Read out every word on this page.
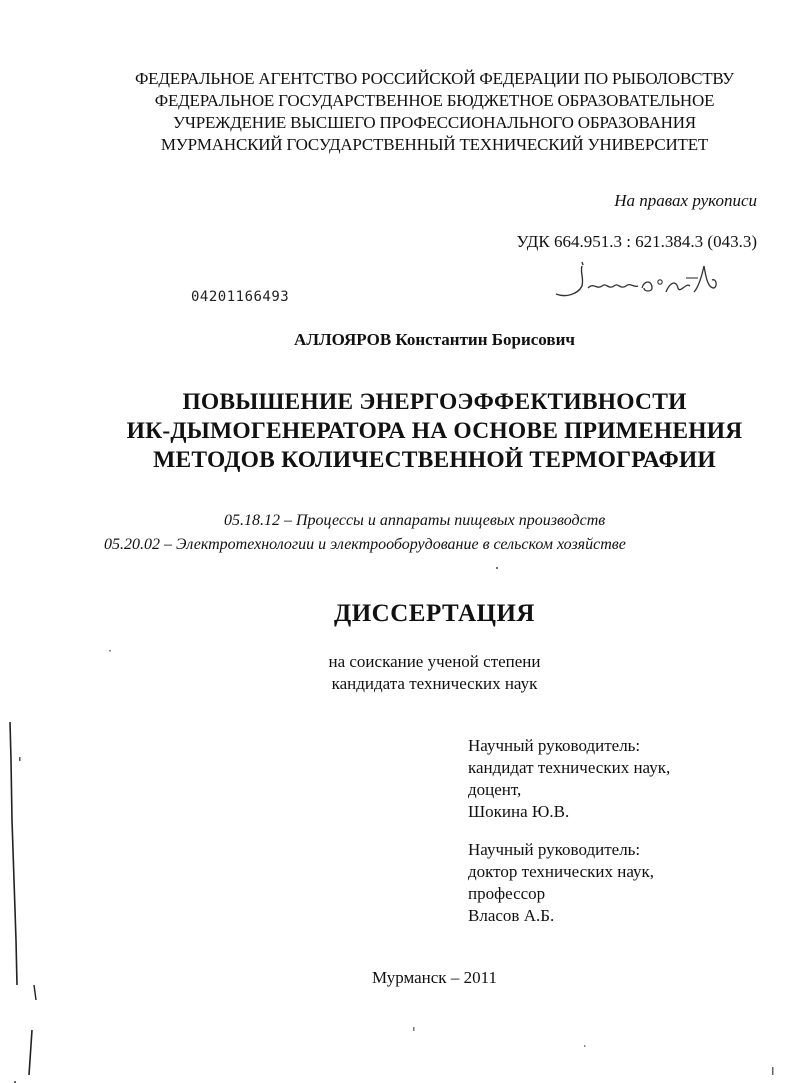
ФЕДЕРАЛЬНОЕ АГЕНТСТВО РОССИЙСКОЙ ФЕДЕРАЦИИ ПО РЫБОЛОВСТВУ
ФЕДЕРАЛЬНОЕ ГОСУДАРСТВЕННОЕ БЮДЖЕТНОЕ ОБРАЗОВАТЕЛЬНОЕ
УЧРЕЖДЕНИЕ ВЫСШЕГО ПРОФЕССИОНАЛЬНОГО ОБРАЗОВАНИЯ
МУРМАНСКИЙ ГОСУДАРСТВЕННЫЙ ТЕХНИЧЕСКИЙ УНИВЕРСИТЕТ
На правах рукописи
УДК 664.951.3 : 621.384.3 (043.3)
04201166493
АЛЛОЯРОВ Константин Борисович
ПОВЫШЕНИЕ ЭНЕРГОЭФФЕКТИВНОСТИ
ИК-ДЫМОГЕНЕРАТОРА НА ОСНОВЕ ПРИМЕНЕНИЯ
МЕТОДОВ КОЛИЧЕСТВЕННОЙ ТЕРМОГРАФИИ
05.18.12 – Процессы и аппараты пищевых производств
05.20.02 – Электротехнологии и электрооборудование в сельском хозяйстве
ДИССЕРТАЦИЯ
на соискание ученой степени
кандидата технических наук
Научный руководитель:
кандидат технических наук,
доцент,
Шокина Ю.В.
Научный руководитель:
доктор технических наук,
профессор
Власов А.Б.
Мурманск – 2011
